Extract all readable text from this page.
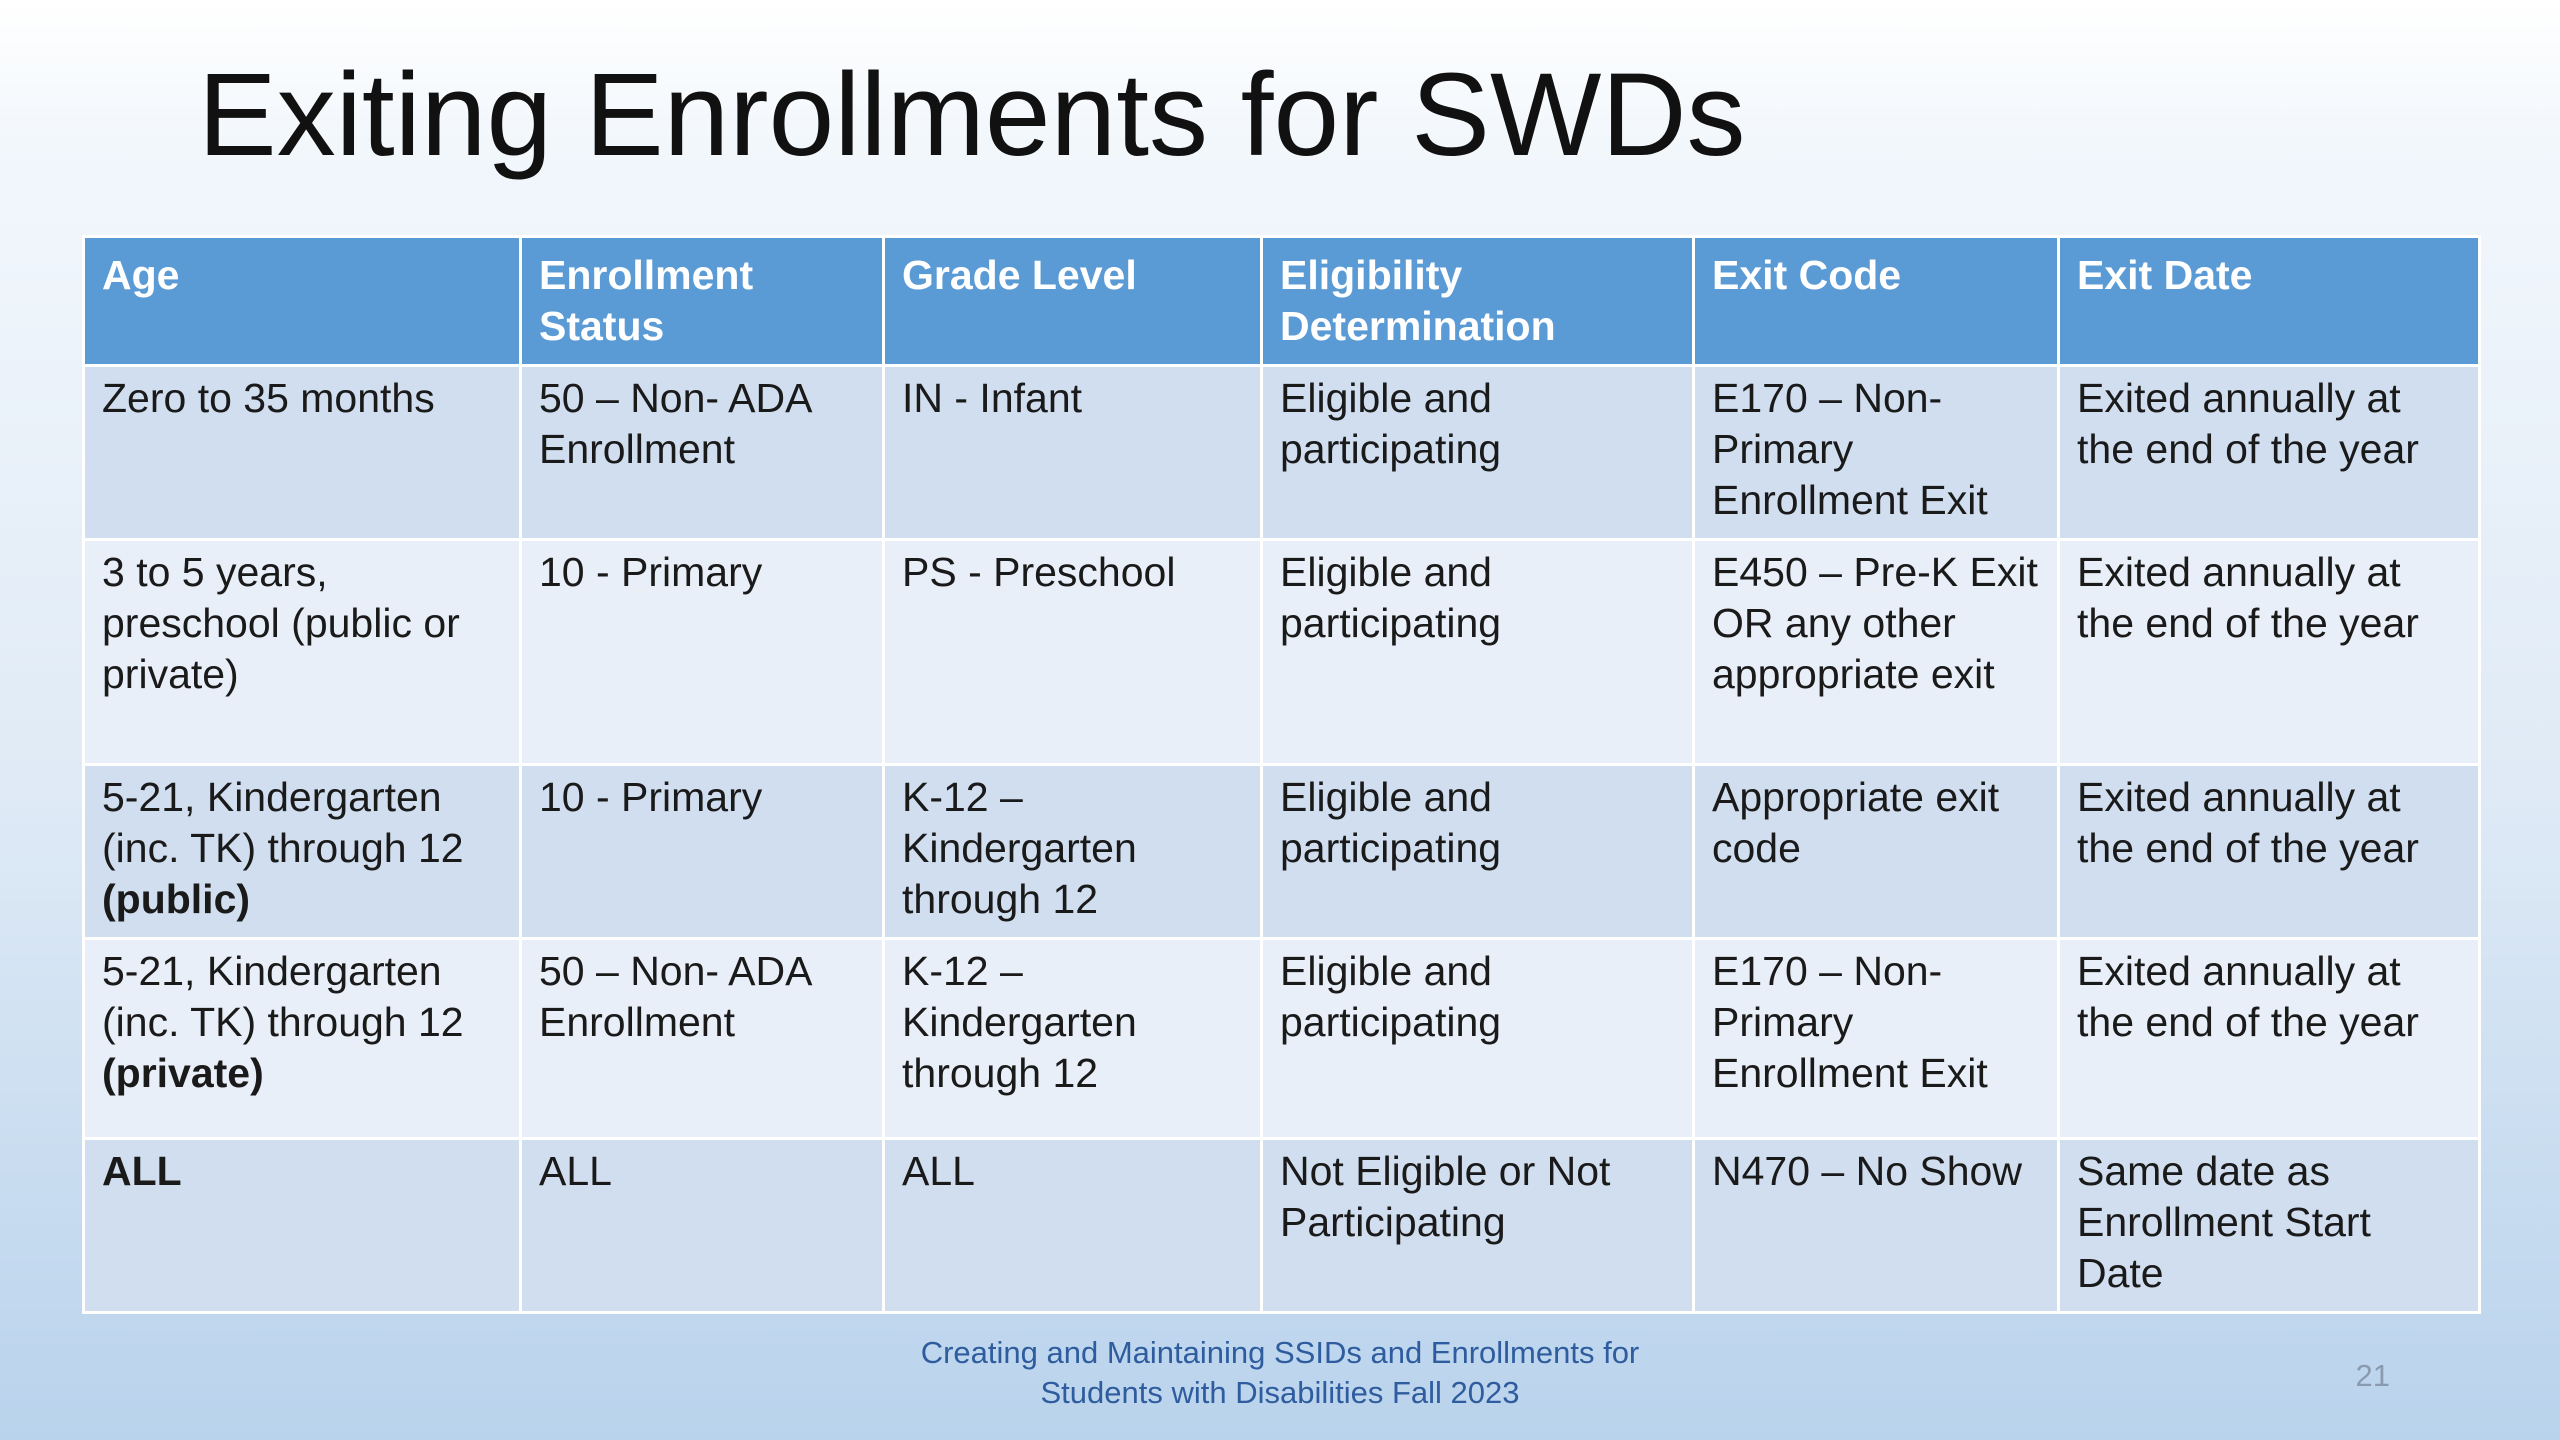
Exiting Enrollments for SWDs
Age	Enrollment Status	Grade Level	Eligibility Determination	Exit Code	Exit Date
Zero to 35 months	50 – Non- ADA Enrollment	IN - Infant	Eligible and participating	E170 – Non-Primary Enrollment Exit	Exited annually at the end of the year
3 to 5 years, preschool (public or private)	10 - Primary	PS - Preschool	Eligible and participating	E450 – Pre-K Exit OR any other appropriate exit	Exited annually at the end of the year
5-21, Kindergarten (inc. TK) through 12 (public)	10 - Primary	K-12 – Kindergarten through 12	Eligible and participating	Appropriate exit code	Exited annually at the end of the year
5-21, Kindergarten (inc. TK) through 12 (private)	50 – Non- ADA Enrollment	K-12 – Kindergarten through 12	Eligible and participating	E170 – Non-Primary Enrollment Exit	Exited annually at the end of the year
ALL	ALL	ALL	Not Eligible or Not Participating	N470 – No Show	Same date as Enrollment Start Date
Creating and Maintaining SSIDs and Enrollments for
Students with Disabilities Fall 2023	21
